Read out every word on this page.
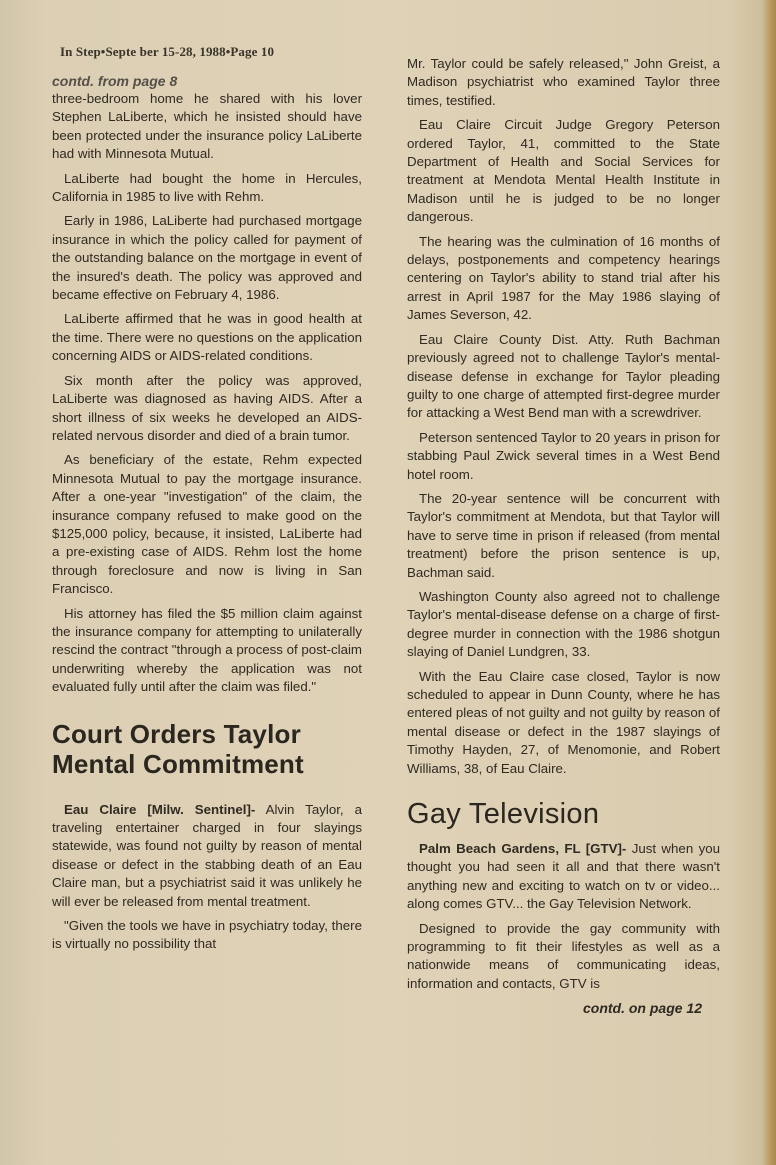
In Step•Septe ber 15-28, 1988•Page 10

contd. from page 8

three-bedroom home he shared with his lover Stephen LaLiberte, which he insisted should have been protected under the insurance policy LaLiberte had with Minnesota Mutual.

LaLiberte had bought the home in Hercules, California in 1985 to live with Rehm.

Early in 1986, LaLiberte had purchased mortgage insurance in which the policy called for payment of the outstanding balance on the mortgage in event of the insured's death. The policy was approved and became effective on February 4, 1986.

LaLiberte affirmed that he was in good health at the time. There were no questions on the application concerning AIDS or AIDS-related conditions.

Six month after the policy was approved, LaLiberte was diagnosed as having AIDS. After a short illness of six weeks he developed an AIDS-related nervous disorder and died of a brain tumor.

As beneficiary of the estate, Rehm expected Minnesota Mutual to pay the mortgage insurance. After a one-year "investigation" of the claim, the insurance company refused to make good on the $125,000 policy, because, it insisted, LaLiberte had a pre-existing case of AIDS. Rehm lost the home through foreclosure and now is living in San Francisco.

His attorney has filed the $5 million claim against the insurance company for attempting to unilaterally rescind the contract "through a process of post-claim underwriting whereby the application was not evaluated fully until after the claim was filed."

Court Orders Taylor Mental Commitment

Eau Claire [Milw. Sentinel]- Alvin Taylor, a traveling entertainer charged in four slayings statewide, was found not guilty by reason of mental disease or defect in the stabbing death of an Eau Claire man, but a psychiatrist said it was unlikely he will ever be released from mental treatment.

"Given the tools we have in psychiatry today, there is virtually no possibility that

Mr. Taylor could be safely released," John Greist, a Madison psychiatrist who examined Taylor three times, testified.

Eau Claire Circuit Judge Gregory Peterson ordered Taylor, 41, committed to the State Department of Health and Social Services for treatment at Mendota Mental Health Institute in Madison until he is judged to be no longer dangerous.

The hearing was the culmination of 16 months of delays, postponements and competency hearings centering on Taylor's ability to stand trial after his arrest in April 1987 for the May 1986 slaying of James Severson, 42.

Eau Claire County Dist. Atty. Ruth Bachman previously agreed not to challenge Taylor's mental-disease defense in exchange for Taylor pleading guilty to one charge of attempted first-degree murder for attacking a West Bend man with a screwdriver.

Peterson sentenced Taylor to 20 years in prison for stabbing Paul Zwick several times in a West Bend hotel room.

The 20-year sentence will be concurrent with Taylor's commitment at Mendota, but that Taylor will have to serve time in prison if released (from mental treatment) before the prison sentence is up, Bachman said.

Washington County also agreed not to challenge Taylor's mental-disease defense on a charge of first-degree murder in connection with the 1986 shotgun slaying of Daniel Lundgren, 33.

With the Eau Claire case closed, Taylor is now scheduled to appear in Dunn County, where he has entered pleas of not guilty and not guilty by reason of mental disease or defect in the 1987 slayings of Timothy Hayden, 27, of Menomonie, and Robert Williams, 38, of Eau Claire.

Gay Television

Palm Beach Gardens, FL [GTV]- Just when you thought you had seen it all and that there wasn't anything new and exciting to watch on tv or video... along comes GTV... the Gay Television Network.

Designed to provide the gay community with programming to fit their lifestyles as well as a nationwide means of communicating ideas, information and contacts, GTV is

contd. on page 12
